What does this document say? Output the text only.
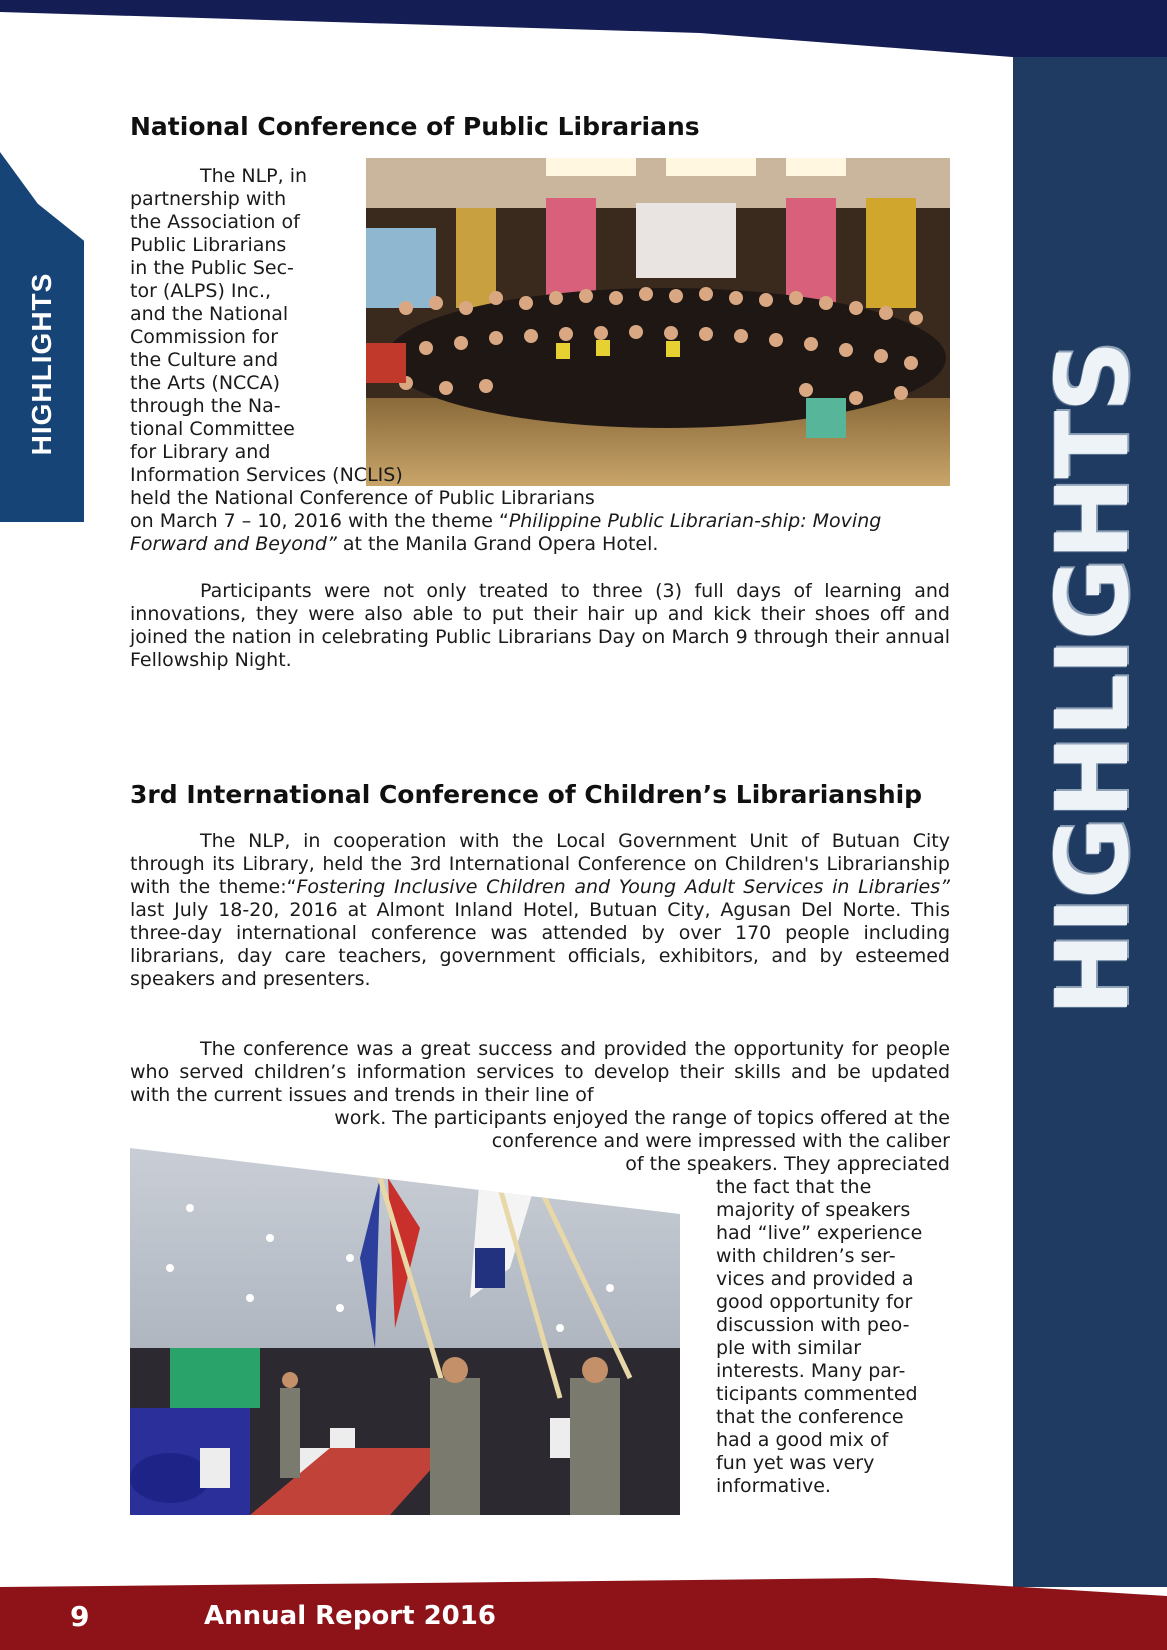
HIGHLIGHTS	HIGHLIGHTS
National Conference of Public Librarians

The NLP, in

partnership with
the Association of
Public Librarians
in the Public Sec-
tor (ALPS) Inc.,
and the National
Commission for
the Culture and
the Arts (NCCA)
through the Na-
tional Committee
for Library and

Information Services (NCLIS)
held the National Conference of Public Librarians
on March 7 – 10, 2016 with the theme “Philippine Public Librarian-ship: Moving Forward and Beyond” at the Manila Grand Opera Hotel.

Participants were not only treated to three (3) full days of learning and innovations, they were also able to put their hair up and kick their shoes off and joined the nation in celebrating Public Librarians Day on March 9 through their annual Fellowship Night.

3rd International Conference of Children’s Librarianship

The NLP, in cooperation with the Local Government Unit of Butuan City through its Library, held the 3rd International Conference on Children's Librarianship with the theme:“Fostering Inclusive Children and Young Adult Services in Libraries” last July 18-20, 2016 at Almont Inland Hotel, Butuan City, Agusan Del Norte. This three-day international conference was attended by over 170 people including librarians, day care teachers, government officials, exhibitors, and by esteemed speakers and presenters.

The conference was a great success and provided the opportunity for people who served children’s information services to develop their skills and be updated with the current issues and trends in their line of

work. The participants enjoyed the range of topics offered at the

conference and were impressed with the caliber

of the speakers. They appreciated

the fact that the
majority of speakers
had “live” experience
with children’s ser-
vices and provided a
good opportunity for
discussion with peo-
ple with similar
interests. Many par-
ticipants commented
that the conference
had a good mix of
fun yet was very
informative.

9	Annual Report 2016
